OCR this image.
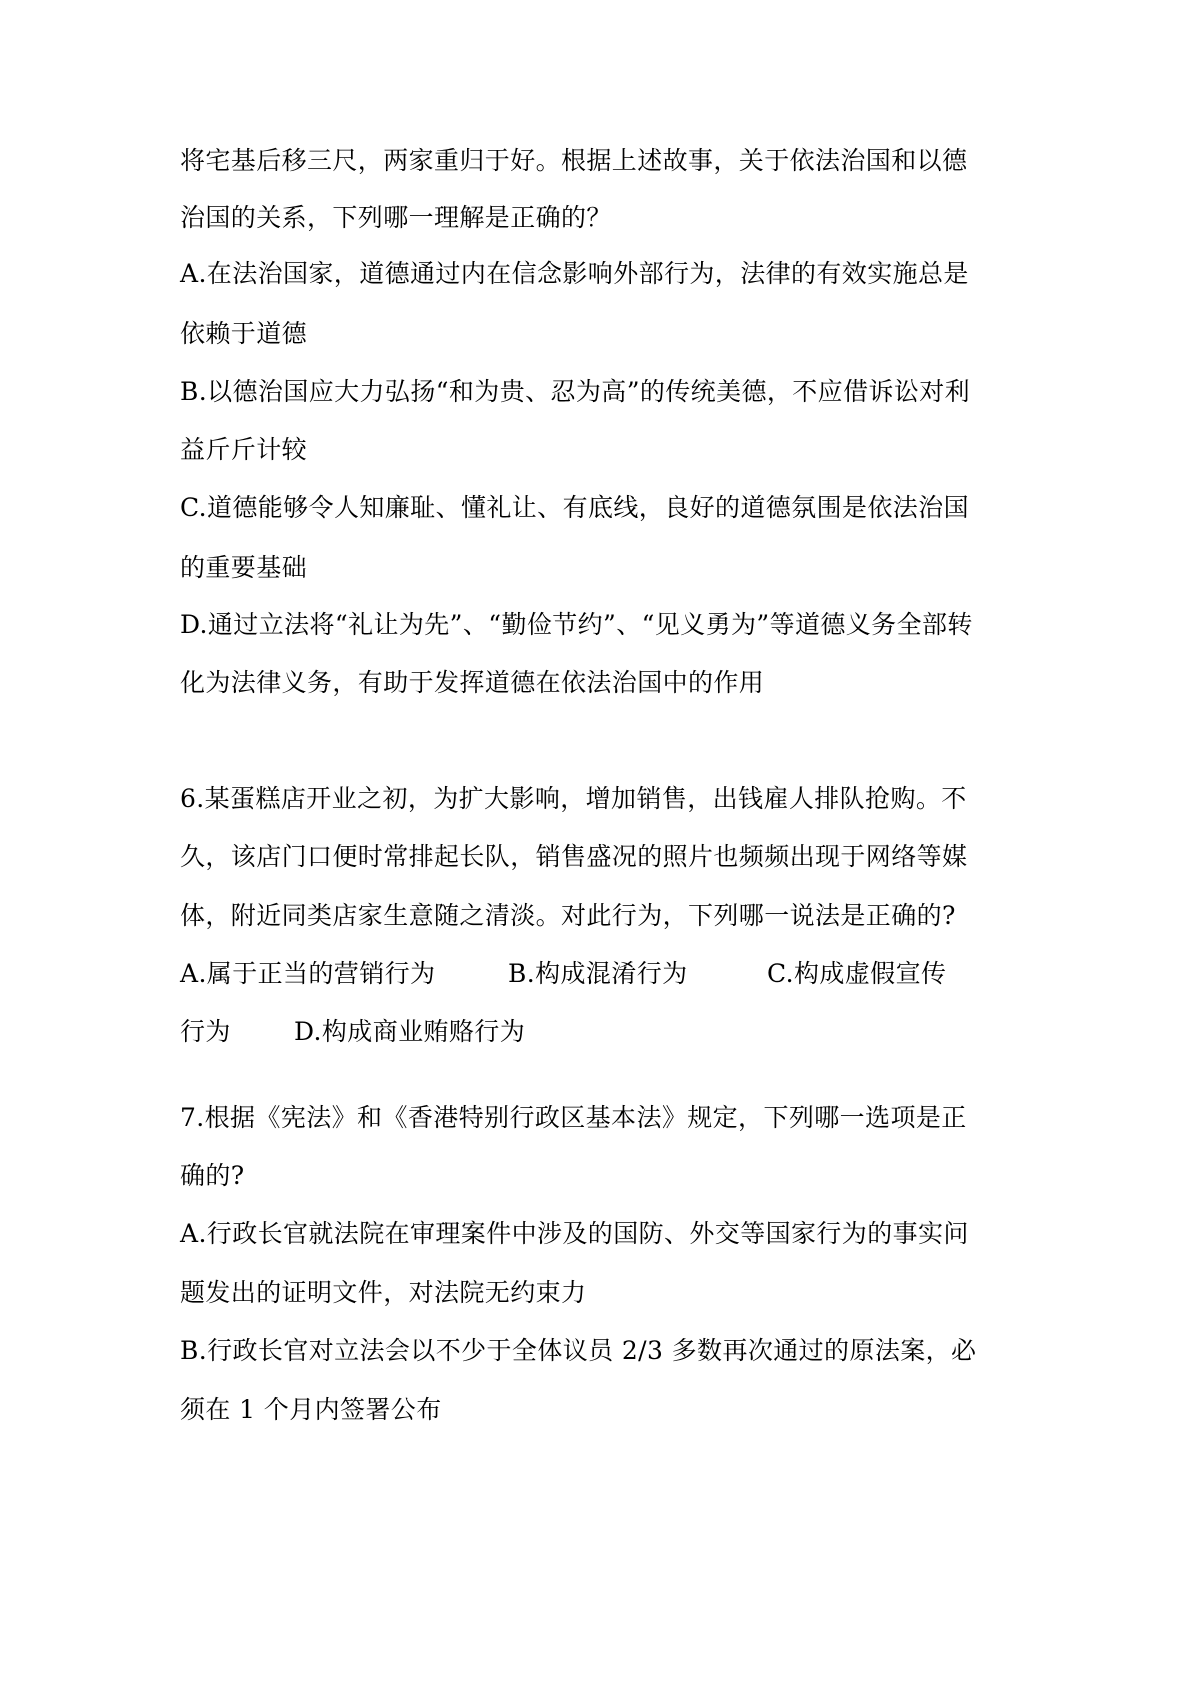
将宅基后移三尺，两家重归于好。根据上述故事，关于依法治国和以德
治国的关系，下列哪一理解是正确的？
A.在法治国家，道德通过内在信念影响外部行为，法律的有效实施总是
依赖于道德
B.以德治国应大力弘扬“和为贵、忍为高”的传统美德，不应借诉讼对利
益斤斤计较
C.道德能够令人知廉耻、懂礼让、有底线，良好的道德氛围是依法治国
的重要基础
D.通过立法将“礼让为先”、“勤俭节约”、“见义勇为”等道德义务全部转
化为法律义务，有助于发挥道德在依法治国中的作用
6.某蛋糕店开业之初，为扩大影响，增加销售，出钱雇人排队抢购。不
久，该店门口便时常排起长队，销售盛况的照片也频频出现于网络等媒
体，附近同类店家生意随之清淡。对此行为，下列哪一说法是正确的?
A.属于正当的营销行为	B.构成混淆行为	C.构成虚假宣传
行为	D.构成商业贿赂行为
7.根据《宪法》和《香港特别行政区基本法》规定，下列哪一选项是正
确的?
A.行政长官就法院在审理案件中涉及的国防、外交等国家行为的事实问
题发出的证明文件，对法院无约束力
B.行政长官对立法会以不少于全体议员 2/3 多数再次通过的原法案，必
须在 1 个月内签署公布
